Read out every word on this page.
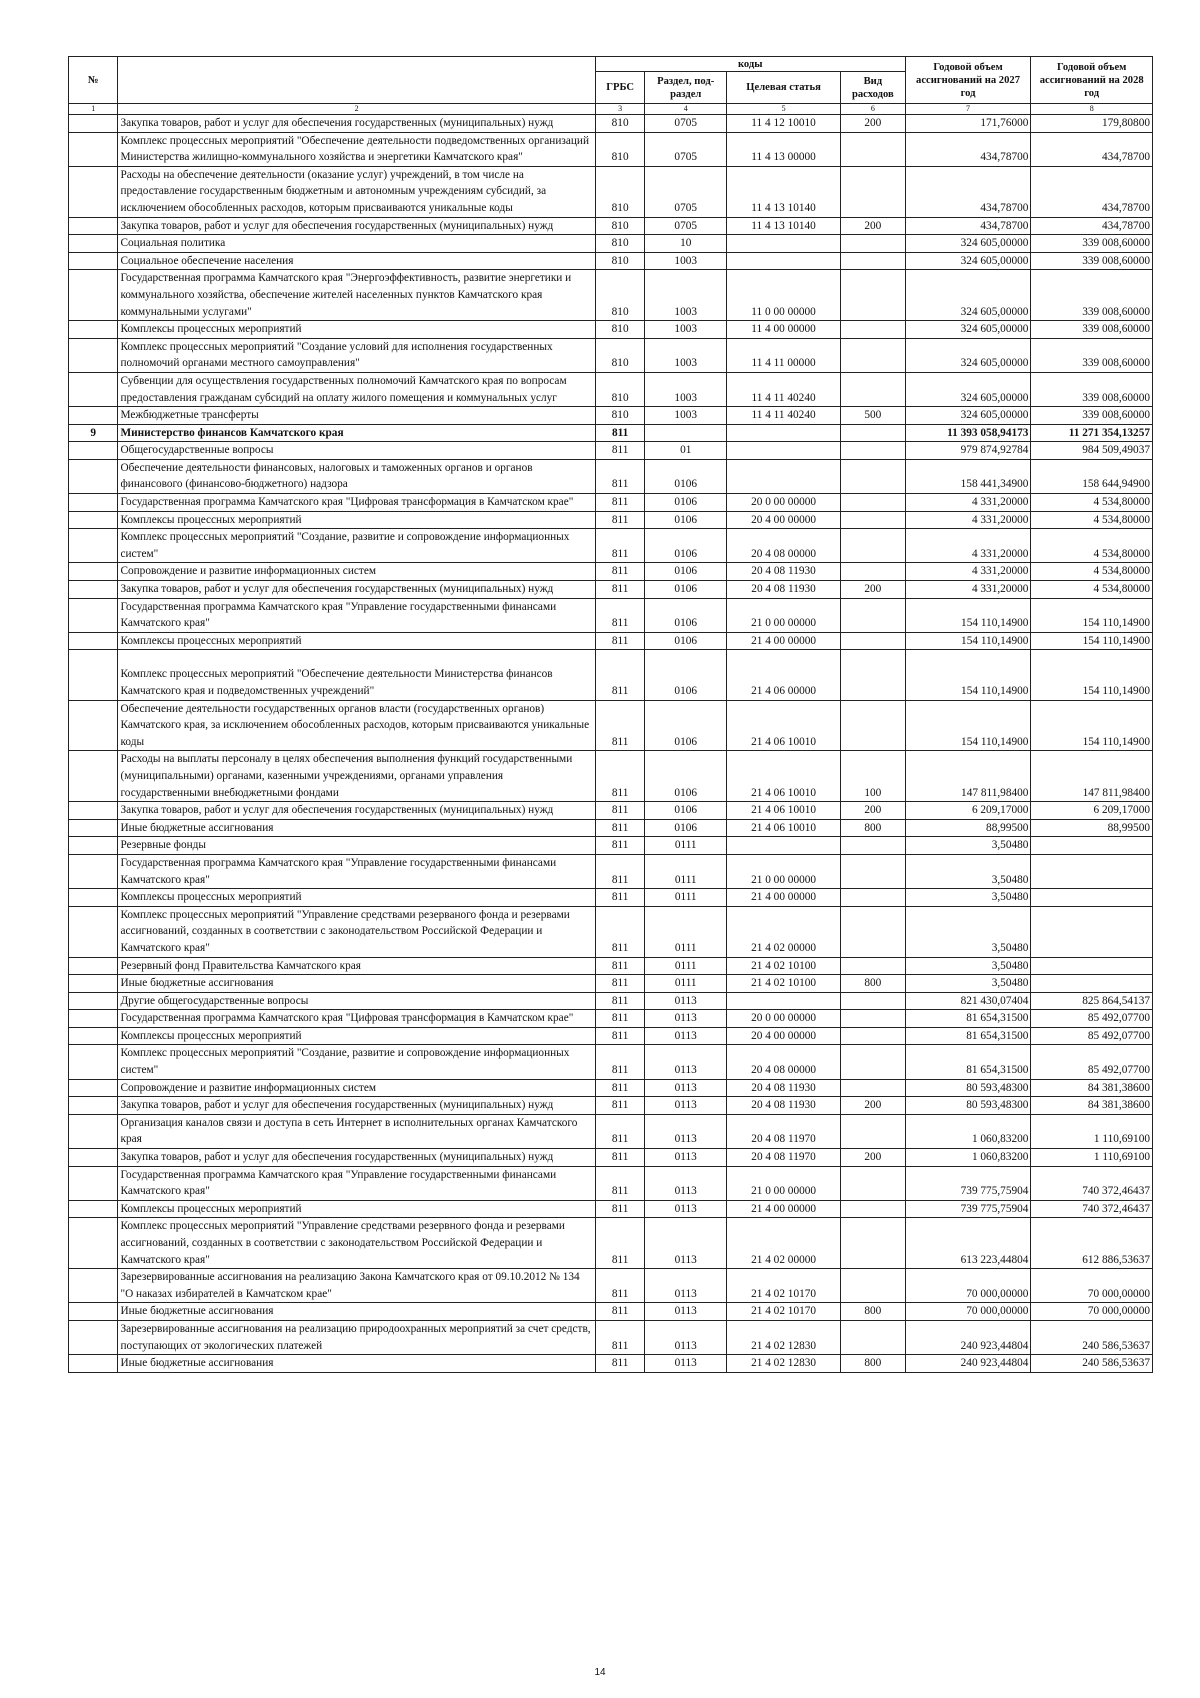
№		коды				Годовой объем ассигнований на 2027 год	Годовой объем ассигнований на 2028 год
		ГРБС	Раздел, под-раздел	Целевая статья	Вид расходов		
1	2	3	4	5	6	7	8
	Закупка товаров, работ и услуг для обеспечения государственных (муниципальных) нужд	810	0705	11 4 12 10010	200	171,76000	179,80800
	Комплекс процессных мероприятий "Обеспечение деятельности подведомственных организаций Министерства жилищно-коммунального хозяйства и энергетики Камчатского края"	810	0705	11 4 13 00000		434,78700	434,78700
	Расходы на обеспечение деятельности (оказание услуг) учреждений, в том числе на предоставление государственным бюджетным и автономным учреждениям субсидий, за исключением обособленных расходов, которым присваиваются уникальные коды	810	0705	11 4 13 10140		434,78700	434,78700
	Закупка товаров, работ и услуг для обеспечения государственных (муниципальных) нужд	810	0705	11 4 13 10140	200	434,78700	434,78700
	Социальная политика	810	10			324 605,00000	339 008,60000
	Социальное обеспечение населения	810	1003			324 605,00000	339 008,60000
	Государственная программа Камчатского края "Энергоэффективность, развитие энергетики и коммунального хозяйства, обеспечение жителей населенных пунктов Камчатского края коммунальными услугами"	810	1003	11 0 00 00000		324 605,00000	339 008,60000
	Комплексы процессных мероприятий	810	1003	11 4 00 00000		324 605,00000	339 008,60000
	Комплекс процессных мероприятий "Создание условий для исполнения государственных полномочий органами местного самоуправления"	810	1003	11 4 11 00000		324 605,00000	339 008,60000
	Субвенции для осуществления государственных полномочий Камчатского края по вопросам предоставления гражданам субсидий на оплату жилого помещения и коммунальных услуг	810	1003	11 4 11 40240		324 605,00000	339 008,60000
	Межбюджетные трансферты	810	1003	11 4 11 40240	500	324 605,00000	339 008,60000
9	Министерство финансов Камчатского края	811				11 393 058,94173	11 271 354,13257
	Общегосударственные вопросы	811	01			979 874,92784	984 509,49037
	Обеспечение деятельности финансовых, налоговых и таможенных органов и органов финансового (финансово-бюджетного) надзора	811	0106			158 441,34900	158 644,94900
	Государственная программа Камчатского края "Цифровая трансформация в Камчатском крае"	811	0106	20 0 00 00000		4 331,20000	4 534,80000
	Комплексы процессных мероприятий	811	0106	20 4 00 00000		4 331,20000	4 534,80000
	Комплекс процессных мероприятий "Создание, развитие и сопровождение информационных систем"	811	0106	20 4 08 00000		4 331,20000	4 534,80000
	Сопровождение и развитие информационных систем	811	0106	20 4 08 11930		4 331,20000	4 534,80000
	Закупка товаров, работ и услуг для обеспечения государственных (муниципальных) нужд	811	0106	20 4 08 11930	200	4 331,20000	4 534,80000
	Государственная программа Камчатского края "Управление государственными финансами Камчатского края"	811	0106	21 0 00 00000		154 110,14900	154 110,14900
	Комплексы процессных мероприятий	811	0106	21 4 00 00000		154 110,14900	154 110,14900
	Комплекс процессных мероприятий "Обеспечение деятельности Министерства финансов Камчатского края и подведомственных учреждений"	811	0106	21 4 06 00000		154 110,14900	154 110,14900
	Обеспечение деятельности государственных органов власти (государственных органов) Камчатского края, за исключением обособленных расходов, которым присваиваются уникальные коды	811	0106	21 4 06 10010		154 110,14900	154 110,14900
	Расходы на выплаты персоналу в целях обеспечения выполнения функций государственными (муниципальными) органами, казенными учреждениями, органами управления государственными внебюджетными фондами	811	0106	21 4 06 10010	100	147 811,98400	147 811,98400
	Закупка товаров, работ и услуг для обеспечения государственных (муниципальных) нужд	811	0106	21 4 06 10010	200	6 209,17000	6 209,17000
	Иные бюджетные ассигнования	811	0106	21 4 06 10010	800	88,99500	88,99500
	Резервные фонды	811	0111			3,50480	
	Государственная программа Камчатского края "Управление государственными финансами Камчатского края"	811	0111	21 0 00 00000		3,50480	
	Комплексы процессных мероприятий	811	0111	21 4 00 00000		3,50480	
	Комплекс процессных мероприятий "Управление средствами резерваного фонда и резервами ассигнований, созданных в соответствии с законодательством Российской Федерации и Камчатского края"	811	0111	21 4 02 00000		3,50480	
	Резервный фонд Правительства Камчатского края	811	0111	21 4 02 10100		3,50480	
	Иные бюджетные ассигнования	811	0111	21 4 02 10100	800	3,50480	
	Другие общегосударственные вопросы	811	0113			821 430,07404	825 864,54137
	Государственная программа Камчатского края "Цифровая трансформация в Камчатском крае"	811	0113	20 0 00 00000		81 654,31500	85 492,07700
	Комплексы процессных мероприятий	811	0113	20 4 00 00000		81 654,31500	85 492,07700
	Комплекс процессных мероприятий "Создание, развитие и сопровождение информационных систем"	811	0113	20 4 08 00000		81 654,31500	85 492,07700
	Сопровождение и развитие информационных систем	811	0113	20 4 08 11930		80 593,48300	84 381,38600
	Закупка товаров, работ и услуг для обеспечения государственных (муниципальных) нужд	811	0113	20 4 08 11930	200	80 593,48300	84 381,38600
	Организация каналов связи и доступа в сеть Интернет в исполнительных органах Камчатского края	811	0113	20 4 08 11970		1 060,83200	1 110,69100
	Закупка товаров, работ и услуг для обеспечения государственных (муниципальных) нужд	811	0113	20 4 08 11970	200	1 060,83200	1 110,69100
	Государственная программа Камчатского края "Управление государственными финансами Камчатского края"	811	0113	21 0 00 00000		739 775,75904	740 372,46437
	Комплексы процессных мероприятий	811	0113	21 4 00 00000		739 775,75904	740 372,46437
	Комплекс процессных мероприятий "Управление средствами резервного фонда и резервами ассигнований, созданных в соответствии с законодательством Российской Федерации и Камчатского края"	811	0113	21 4 02 00000		613 223,44804	612 886,53637
	Зарезервированные ассигнования на реализацию Закона Камчатского края от 09.10.2012 № 134 "О наказах избирателей в Камчатском крае"	811	0113	21 4 02 10170		70 000,00000	70 000,00000
	Иные бюджетные ассигнования	811	0113	21 4 02 10170	800	70 000,00000	70 000,00000
	Зарезервированные ассигнования на реализацию природоохранных мероприятий за счет средств, поступающих от экологических платежей	811	0113	21 4 02 12830		240 923,44804	240 586,53637
	Иные бюджетные ассигнования	811	0113	21 4 02 12830	800	240 923,44804	240 586,53637
14
